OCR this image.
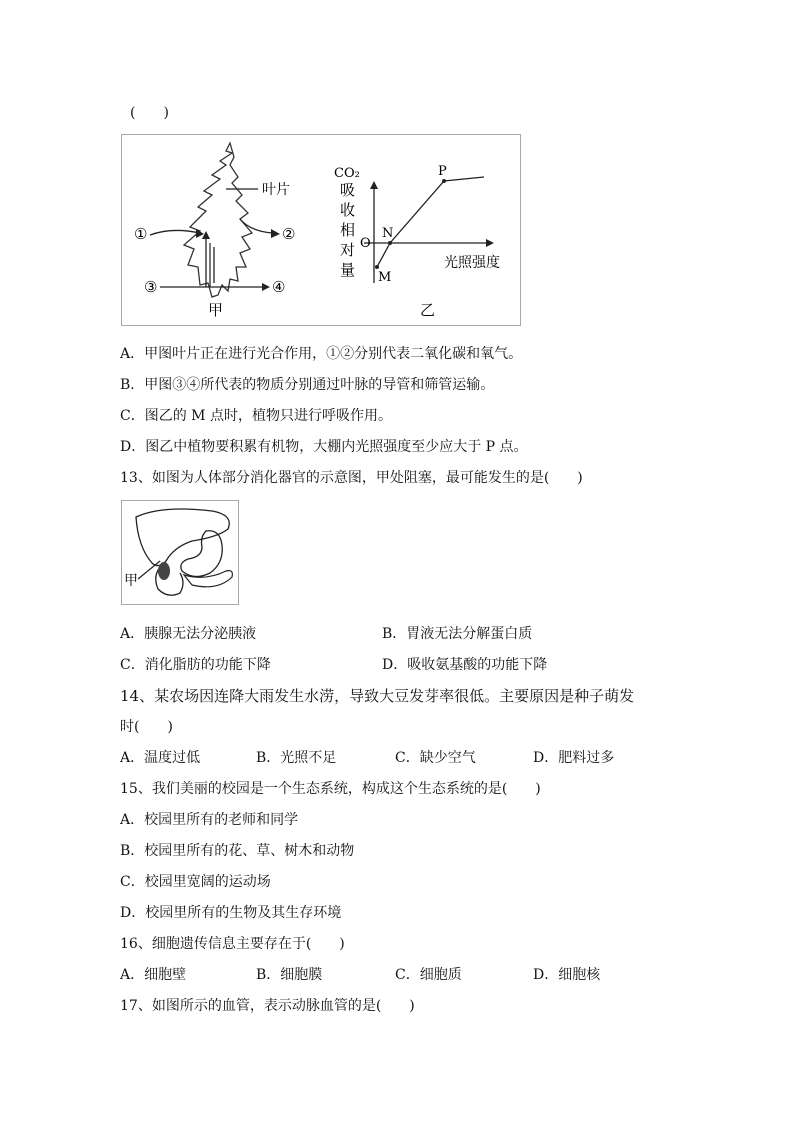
(　　)
叶片
①	②
③	④
甲
CO₂
吸
收
相
对
量
O
N
M
P
光照强度
乙
A．甲图叶片正在进行光合作用，①②分别代表二氧化碳和氧气。
B．甲图③④所代表的物质分别通过叶脉的导管和筛管运输。
C．图乙的 M 点时，植物只进行呼吸作用。
D．图乙中植物要积累有机物，大棚内光照强度至少应大于 P 点。
13、如图为人体部分消化器官的示意图，甲处阻塞，最可能发生的是(　　)
甲
A．胰腺无法分泌胰液	B．胃液无法分解蛋白质
C．消化脂肪的功能下降	D．吸收氨基酸的功能下降
14、某农场因连降大雨发生水涝，导致大豆发芽率很低。主要原因是种子萌发
时(　　)
A．温度过低	B．光照不足	C．缺少空气	D．肥料过多
15、我们美丽的校园是一个生态系统，构成这个生态系统的是(　　)
A．校园里所有的老师和同学
B．校园里所有的花、草、树木和动物
C．校园里宽阔的运动场
D．校园里所有的生物及其生存环境
16、细胞遗传信息主要存在于(　　)
A．细胞壁	B．细胞膜	C．细胞质	D．细胞核
17、如图所示的血管，表示动脉血管的是(　　)
